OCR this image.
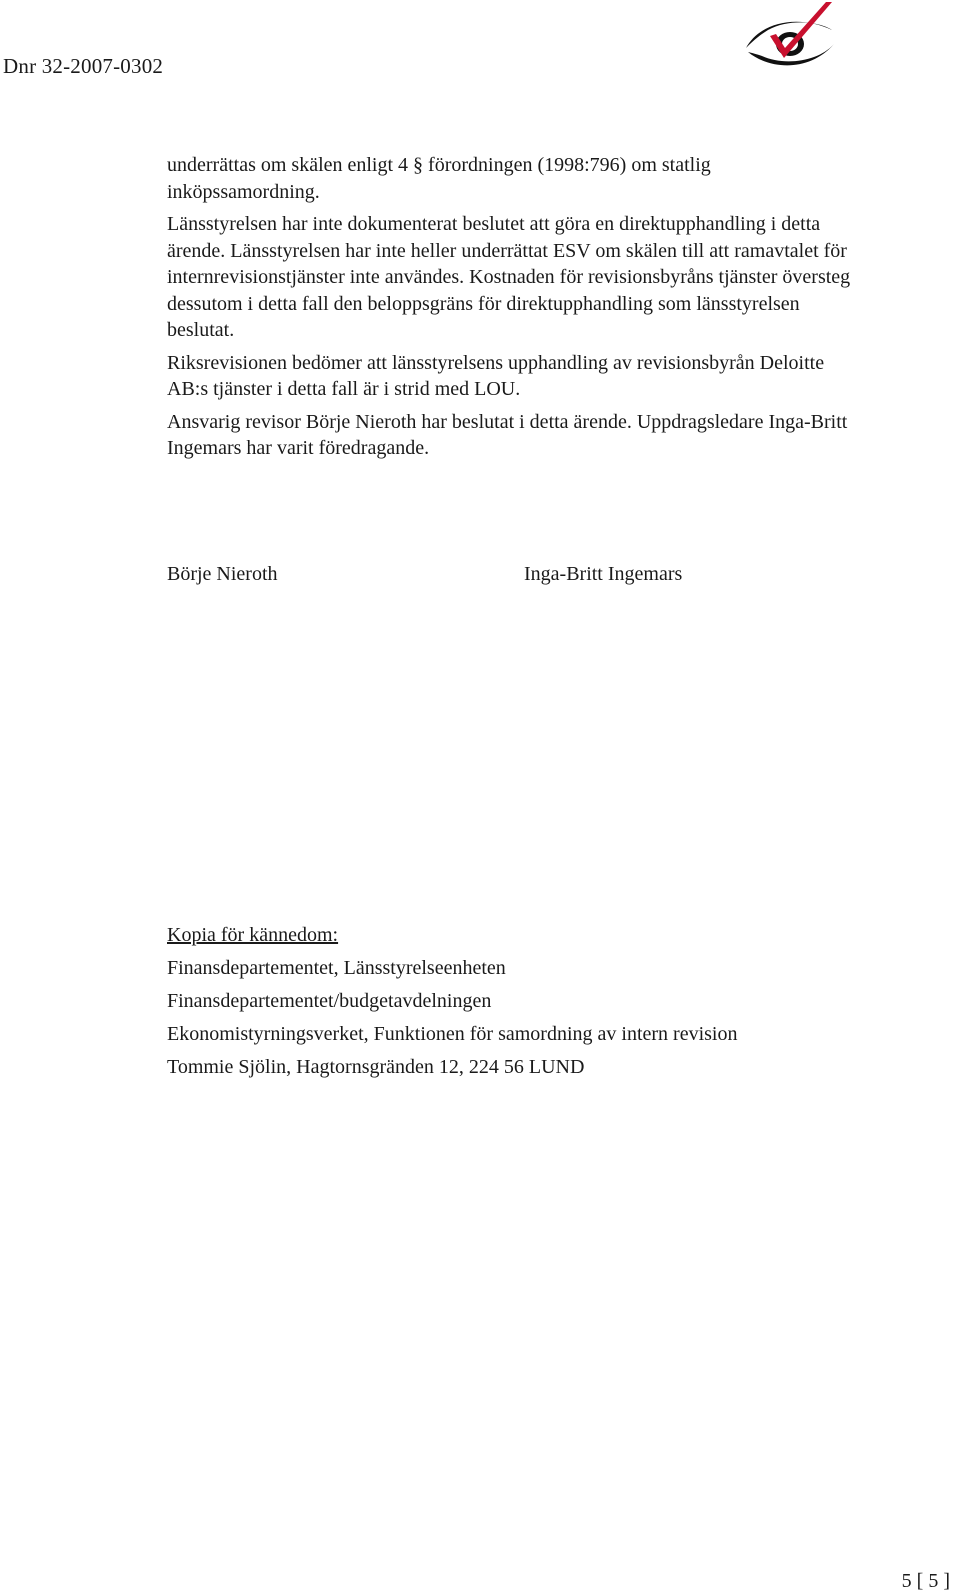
Dnr 32-2007-0302

underrättas om skälen enligt 4 § förordningen (1998:796) om statlig inköpssamordning.

Länsstyrelsen har inte dokumenterat beslutet att göra en direktupphandling i detta ärende. Länsstyrelsen har inte heller underrättat ESV om skälen till att ramavtalet för internrevisionstjänster inte användes. Kostnaden för revisionsbyråns tjänster översteg dessutom i detta fall den beloppsgräns för direktupphandling som länsstyrelsen beslutat.

Riksrevisionen bedömer att länsstyrelsens upphandling av revisionsbyrån Deloitte AB:s tjänster i detta fall är i strid med LOU.

Ansvarig revisor Börje Nieroth har beslutat i detta ärende. Uppdragsledare Inga-Britt Ingemars har varit föredragande.

Börje Nieroth	Inga-Britt Ingemars
Kopia för kännedom:
Finansdepartementet, Länsstyrelseenheten
Finansdepartementet/budgetavdelningen
Ekonomistyrningsverket, Funktionen för samordning av intern revision
Tommie Sjölin, Hagtornsgränden 12, 224 56 LUND
5 [ 5 ]
